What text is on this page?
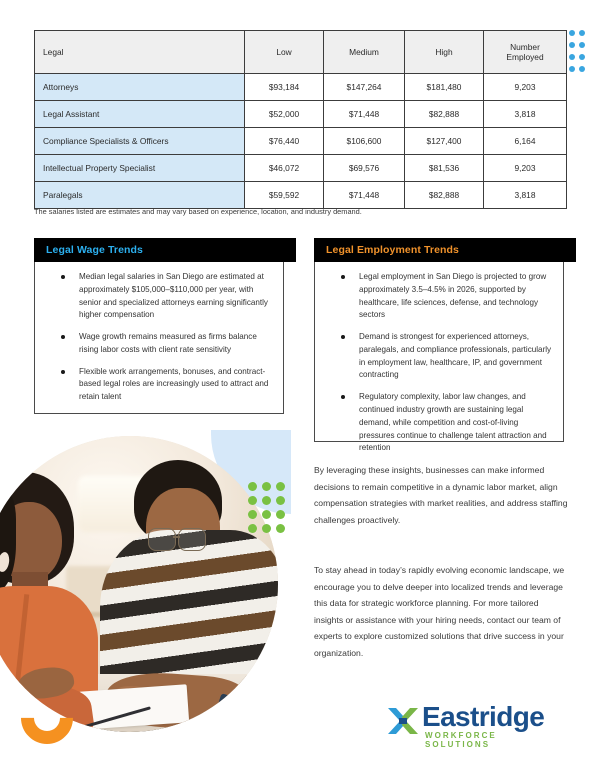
Legal	Low	Medium	High	Number
Employed
Attorneys	$93,184	$147,264	$181,480	9,203
Legal Assistant	$52,000	$71,448	$82,888	3,818
Compliance Specialists & Officers	$76,440	$106,600	$127,400	6,164
Intellectual Property Specialist	$46,072	$69,576	$81,536	9,203
Paralegals	$59,592	$71,448	$82,888	3,818
The salaries listed are estimates and may vary based on experience, location, and industry demand.
Legal Wage Trends
Median legal salaries in San Diego are estimated at approximately $105,000–$110,000 per year, with senior and specialized attorneys earning significantly higher compensation
Wage growth remains measured as firms balance rising labor costs with client rate sensitivity
Flexible work arrangements, bonuses, and contract-based legal roles are increasingly used to attract and retain talent
Legal Employment Trends
Legal employment in San Diego is projected to grow approximately 3.5–4.5% in 2026, supported by healthcare, life sciences, defense, and technology sectors
Demand is strongest for experienced attorneys, paralegals, and compliance professionals, particularly in employment law, healthcare, IP, and government contracting
Regulatory complexity, labor law changes, and continued industry growth are sustaining legal demand, while competition and cost-of-living pressures continue to challenge talent attraction and retention
By leveraging these insights, businesses can make informed decisions to remain competitive in a dynamic labor market, align compensation strategies with market realities, and address staffing challenges proactively.
To stay ahead in today’s rapidly evolving economic landscape, we encourage you to delve deeper into localized trends and leverage this data for strategic workforce planning. For more tailored insights or assistance with your hiring needs, contact our team of experts to explore customized solutions that drive success in your organization.
Eastridge
WORKFORCE SOLUTIONS
